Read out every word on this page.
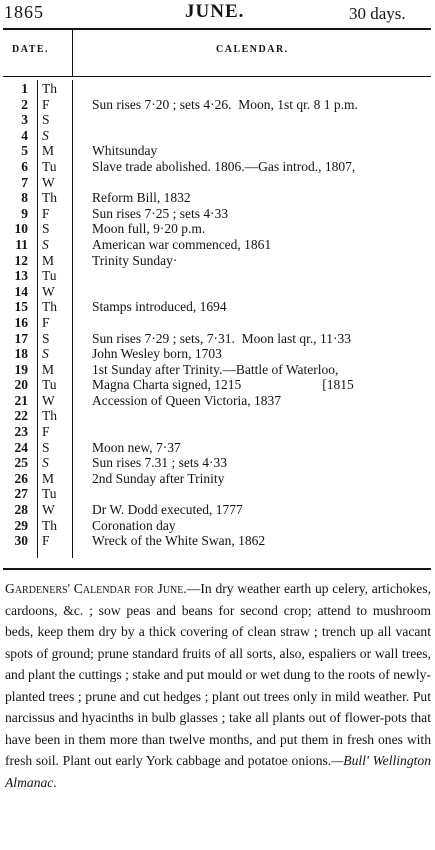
1865	JUNE.	30 days.
DATE.	CALENDAR.
1 Th
2 F	Sun rises 7·20 ; sets 4·26.  Moon, 1st qr. 8 1 p.m.
3 S
4 S
5 M	Whitsunday
6 Tu	Slave trade abolished. 1806.—Gas introd., 1807,
7 W
8 Th	Reform Bill, 1832
9 F	Sun rises 7·25 ; sets 4·33
10 S	Moon full, 9·20 p.m.
11 S	American war commenced, 1861
12 M	Trinity Sunday·
13 Tu
14 W
15 Th	Stamps introduced, 1694
16 F
17 S	Sun rises 7·29 ; sets, 7·31.  Moon last qr., 11·33
18 S	John Wesley born, 1703
19 M	1st Sunday after Trinity.—Battle of Waterloo,
20 Tu	Magna Charta signed, 1215                        [1815
21 W	Accession of Queen Victoria, 1837
22 Th
23 F
24 S	Moon new, 7·37
25 S	Sun rises 7.31 ; sets 4·33
26 M	2nd Sunday after Trinity
27 Tu
28 W	Dr W. Dodd executed, 1777
29 Th	Coronation day
30 F	Wreck of the White Swan, 1862
Gardeners' Calendar for June.—In dry weather earth up celery, artichokes, cardoons, &c. ; sow peas and beans for second crop; attend to mushroom beds, keep them dry by a thick covering of clean straw ; trench up all vacant spots of ground; prune standard fruits of all sorts, also, espaliers or wall trees, and plant the cuttings ; stake and put mould or wet dung to the roots of newly-planted trees ; prune and cut hedges ; plant out trees only in mild weather. Put narcissus and hyacinths in bulb glasses ; take all plants out of flower-pots that have been in them more than twelve months, and put them in fresh ones with fresh soil. Plant out early York cabbage and potatoe onions.—Bull' Wellington Almanac.
